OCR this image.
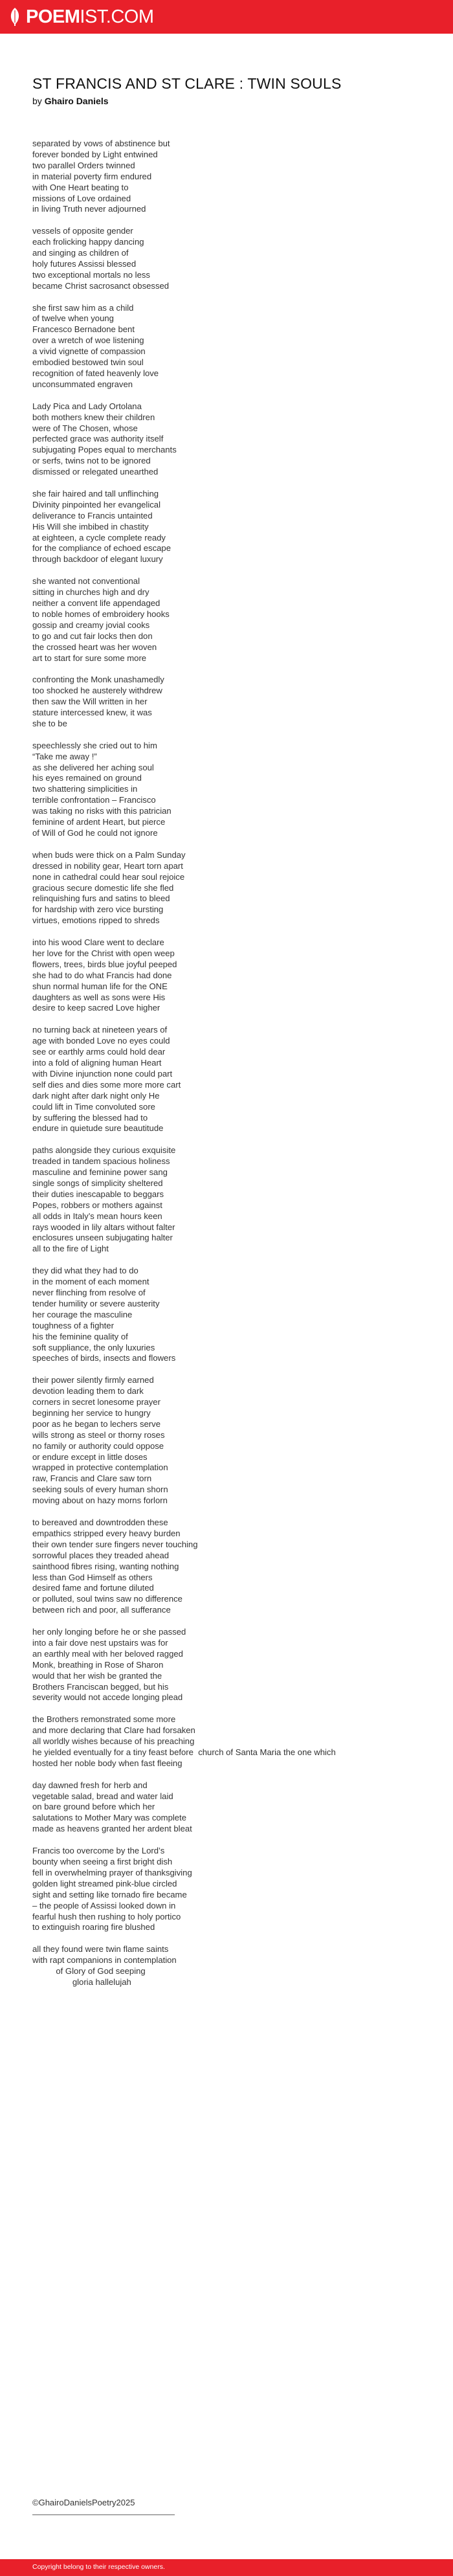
POEMIST.COM
ST FRANCIS AND ST CLARE : TWIN SOULS
by Ghairo Daniels
separated by vows of abstinence but
forever bonded by Light entwined
two parallel Orders twinned
in material poverty firm endured
with One Heart beating to
missions of Love ordained
in living Truth never adjourned
vessels of opposite gender
each frolicking happy dancing
and singing as children of
holy futures Assissi blessed
two exceptional mortals no less
became Christ sacrosanct obsessed
she first saw him as a child
of twelve when young
Francesco Bernadone bent
over a wretch of woe listening
a vivid vignette of compassion
embodied bestowed twin soul
recognition of fated heavenly love
unconsummated engraven
Lady Pica and Lady Ortolana
both mothers knew their children
were of The Chosen, whose
perfected grace was authority itself
subjugating Popes equal to merchants
or serfs, twins not to be ignored
dismissed or relegated unearthed
she fair haired and tall unflinching
Divinity pinpointed her evangelical
deliverance to Francis untainted
His Will she imbibed in chastity
at eighteen, a cycle complete ready
for the compliance of echoed escape
through backdoor of elegant luxury
she wanted not conventional
sitting in churches high and dry
neither a convent life appendaged
to noble homes of embroidery hooks
gossip and creamy jovial cooks
to go and cut fair locks then don
the crossed heart was her woven
art to start for sure some more
confronting the Monk unashamedly
too shocked he austerely withdrew
then saw the Will written in her
stature intercessed knew, it was
she to be
speechlessly she cried out to him
“Take me away !”
as she delivered her aching soul
his eyes remained on ground
two shattering simplicities in
terrible confrontation – Francisco
was taking no risks with this patrician
feminine of ardent Heart, but pierce
of Will of God he could not ignore
when buds were thick on a Palm Sunday
dressed in nobility gear, Heart torn apart
none in cathedral could hear soul rejoice
gracious secure domestic life she fled
relinquishing furs and satins to bleed
for hardship with zero vice bursting
virtues, emotions ripped to shreds
into his wood Clare went to declare
her love for the Christ with open weep
flowers, trees, birds blue joyful peeped
she had to do what Francis had done
shun normal human life for the ONE
daughters as well as sons were His
desire to keep sacred Love higher
no turning back at nineteen years of
age with bonded Love no eyes could
see or earthly arms could hold dear
into a fold of aligning human Heart
with Divine injunction none could part
self dies and dies some more more cart
dark night after dark night only He
could lift in Time convoluted sore
by suffering the blessed had to
endure in quietude sure beautitude
paths alongside they curious exquisite
treaded in tandem spacious holiness
masculine and feminine power sang
single songs of simplicity sheltered
their duties inescapable to beggars
Popes, robbers or mothers against
all odds in Italy’s mean hours keen
rays wooded in lily altars without falter
enclosures unseen subjugating halter
all to the fire of Light
they did what they had to do
in the moment of each moment
never flinching from resolve of
tender humility or severe austerity
her courage the masculine
toughness of a fighter
his the feminine quality of
soft suppliance, the only luxuries
speeches of birds, insects and flowers
their power silently firmly earned
devotion leading them to dark
corners in secret lonesome prayer
beginning her service to hungry
poor as he began to lechers serve
wills strong as steel or thorny roses
no family or authority could oppose
or endure except in little doses
wrapped in protective contemplation
raw, Francis and Clare saw torn
seeking souls of every human shorn
moving about on hazy morns forlorn
to bereaved and downtrodden these
empathics stripped every heavy burden
their own tender sure fingers never touching
sorrowful places they treaded ahead
sainthood fibres rising, wanting nothing
less than God Himself as others
desired fame and fortune diluted
or polluted, soul twins saw no difference
between rich and poor, all sufferance
her only longing before he or she passed
into a fair dove nest upstairs was for
an earthly meal with her beloved ragged
Monk, breathing in Rose of Sharon
would that her wish be granted the
Brothers Franciscan begged, but his
severity would not accede longing plead
the Brothers remonstrated some more
and more declaring that Clare had forsaken
all worldly wishes because of his preaching
he yielded eventually for a tiny feast before  church of Santa Maria the one which
hosted her noble body when fast fleeing
day dawned fresh for herb and
vegetable salad, bread and water laid
on bare ground before which her
salutations to Mother Mary was complete
made as heavens granted her ardent bleat
Francis too overcome by the Lord’s
bounty when seeing a first bright dish
fell in overwhelming prayer of thanksgiving
golden light streamed pink-blue circled
sight and setting like tornado fire became
– the people of Assissi looked down in
fearful hush then rushing to holy portico
to extinguish roaring fire blushed
all they found were twin flame saints
with rapt companions in contemplation
of Glory of God seeping
gloria hallelujah
©GhairoDanielsPoetry2025
Copyright belong to their respective owners.
